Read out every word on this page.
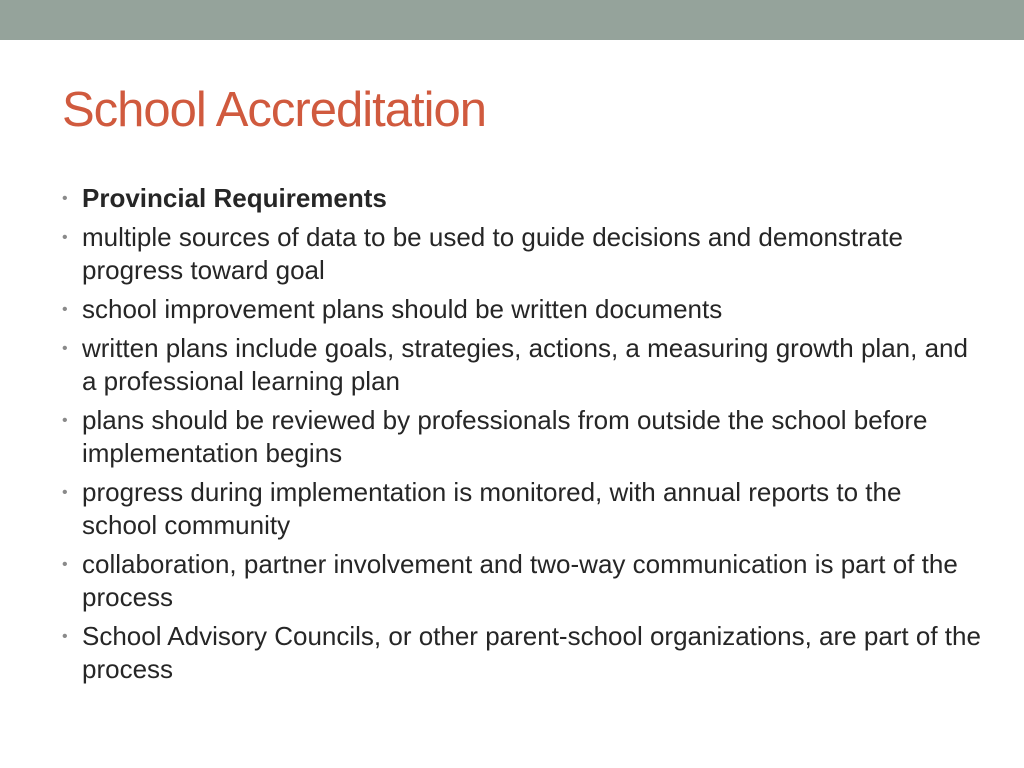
School Accreditation
• Provincial Requirements
• multiple sources of data to be used to guide decisions and demonstrate progress toward goal
• school improvement plans should be written documents
• written plans include goals, strategies, actions, a measuring growth plan, and a professional learning plan
• plans should be reviewed by professionals from outside the school before implementation begins
• progress during implementation is monitored, with annual reports to the school community
• collaboration, partner involvement and two-way communication is part of the process
• School Advisory Councils, or other parent-school organizations, are part of the process
